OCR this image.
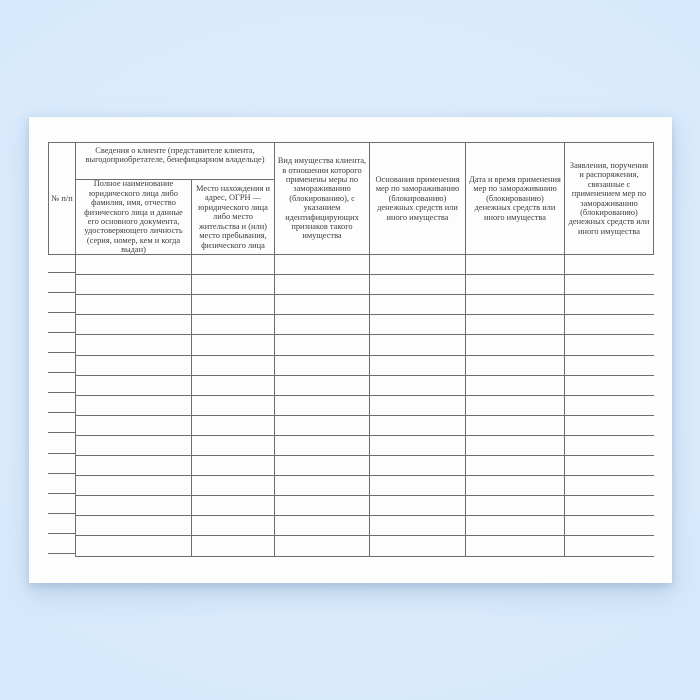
№ п/п
Сведения о клиенте (представителе клиента, выгодоприобретателе, бенефициарном владельце)
Полное наименование юридического лица либо фамилия, имя, отчество физического лица и данные его основного документа, удостоверяющего личность (серия, номер, кем и когда выдан)
Место нахождения и адрес, ОГРН — юридического лица либо место жительства и (или) место пребывания, физического лица
Вид имущества клиента, в отношении которого применены меры по замораживанию (блокированию), с указанием идентифицирующих признаков такого имущества
Основания применения мер по замораживанию (блокированию) денежных средств или иного имущества
Дата и время применения мер по замораживанию (блокированию) денежных средств или иного имущества
Заявления, поручения и распоряжения, связанные с применением мер по замораживанию (блокированию) денежных средств или иного имущества
